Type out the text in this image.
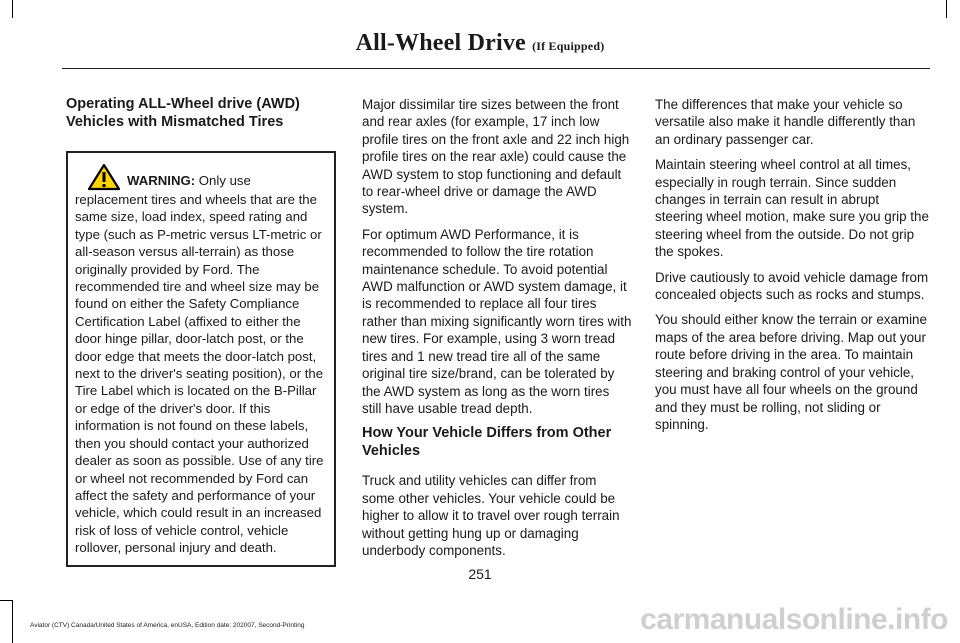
All-Wheel Drive (If Equipped)
Operating ALL-Wheel drive (AWD) Vehicles with Mismatched Tires
WARNING: Only use replacement tires and wheels that are the same size, load index, speed rating and type (such as P-metric versus LT-metric or all-season versus all-terrain) as those originally provided by Ford. The recommended tire and wheel size may be found on either the Safety Compliance Certification Label (affixed to either the door hinge pillar, door-latch post, or the door edge that meets the door-latch post, next to the driver's seating position), or the Tire Label which is located on the B-Pillar or edge of the driver's door. If this information is not found on these labels, then you should contact your authorized dealer as soon as possible. Use of any tire or wheel not recommended by Ford can affect the safety and performance of your vehicle, which could result in an increased risk of loss of vehicle control, vehicle rollover, personal injury and death.

Major dissimilar tire sizes between the front and rear axles (for example, 17 inch low profile tires on the front axle and 22 inch high profile tires on the rear axle) could cause the AWD system to stop functioning and default to rear-wheel drive or damage the AWD system.

For optimum AWD Performance, it is recommended to follow the tire rotation maintenance schedule. To avoid potential AWD malfunction or AWD system damage, it is recommended to replace all four tires rather than mixing significantly worn tires with new tires. For example, using 3 worn tread tires and 1 new tread tire all of the same original tire size/brand, can be tolerated by the AWD system as long as the worn tires still have usable tread depth.

How Your Vehicle Differs from Other Vehicles

Truck and utility vehicles can differ from some other vehicles. Your vehicle could be higher to allow it to travel over rough terrain without getting hung up or damaging underbody components.

The differences that make your vehicle so versatile also make it handle differently than an ordinary passenger car.

Maintain steering wheel control at all times, especially in rough terrain. Since sudden changes in terrain can result in abrupt steering wheel motion, make sure you grip the steering wheel from the outside. Do not grip the spokes.

Drive cautiously to avoid vehicle damage from concealed objects such as rocks and stumps.

You should either know the terrain or examine maps of the area before driving. Map out your route before driving in the area. To maintain steering and braking control of your vehicle, you must have all four wheels on the ground and they must be rolling, not sliding or spinning.

251
Aviator (CTV) Canada/United States of America, enUSA, Edition date: 202007, Second-Printing	carmanualsonline.info
